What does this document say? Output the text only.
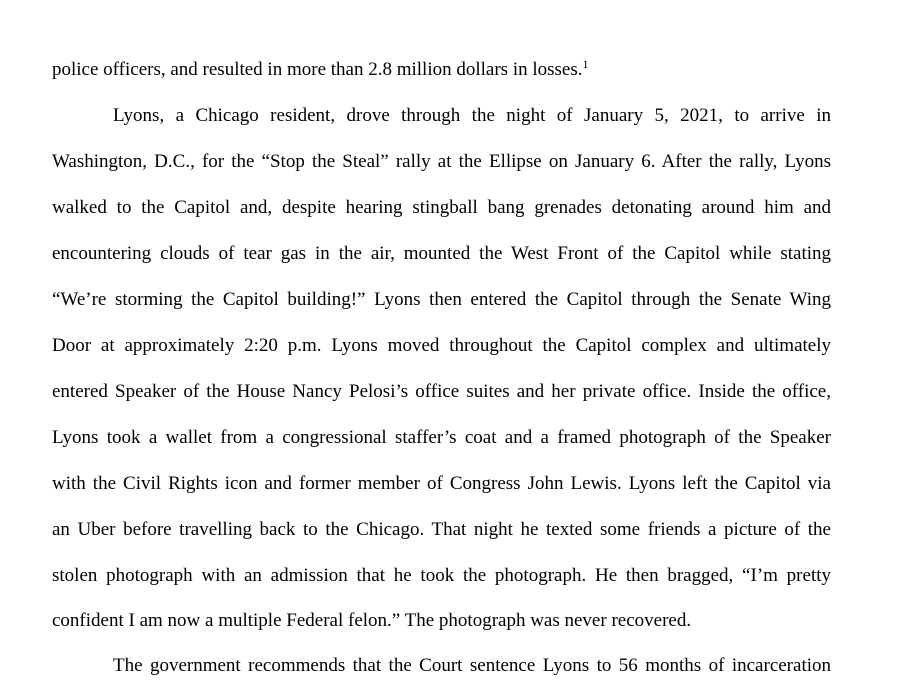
police officers, and resulted in more than 2.8 million dollars in losses.$^1$
Lyons, a Chicago resident, drove through the night of January 5, 2021, to arrive in
Washington, D.C., for the “Stop the Steal” rally at the Ellipse on January 6. After the rally, Lyons
walked to the Capitol and, despite hearing stingball bang grenades detonating around him and
encountering clouds of tear gas in the air, mounted the West Front of the Capitol while stating
“We’re storming the Capitol building!” Lyons then entered the Capitol through the Senate Wing
Door at approximately 2:20 p.m. Lyons moved throughout the Capitol complex and ultimately
entered Speaker of the House Nancy Pelosi’s office suites and her private office. Inside the office,
Lyons took a wallet from a congressional staffer’s coat and a framed photograph of the Speaker
with the Civil Rights icon and former member of Congress John Lewis. Lyons left the Capitol via
an Uber before travelling back to the Chicago. That night he texted some friends a picture of the
stolen photograph with an admission that he took the photograph. He then bragged, “I’m pretty
confident I am now a multiple Federal felon.” The photograph was never recovered.
The government recommends that the Court sentence Lyons to 56 months of incarceration
